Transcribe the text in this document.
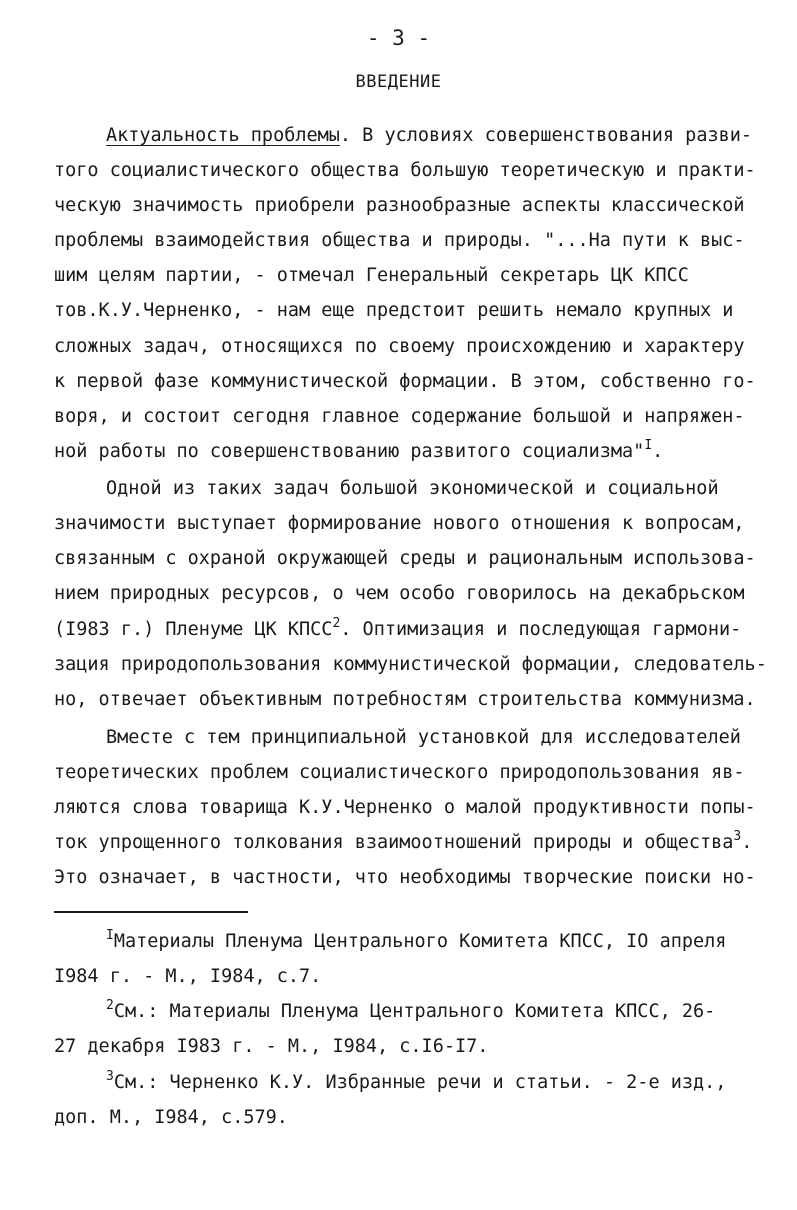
- 3 -
ВВЕДЕНИЕ
Актуальность проблемы. В условиях совершенствования разви-
того социалистического общества большую теоретическую и практи-
ческую значимость приобрели разнообразные аспекты классической
проблемы взаимодействия общества и природы. "...На пути к выс-
шим целям партии, - отмечал Генеральный секретарь ЦК КПСС
тов.К.У.Черненко, - нам еще предстоит решить немало крупных и
сложных задач, относящихся по своему происхождению и характеру
к первой фазе коммунистической формации. В этом, собственно го-
воря, и состоит сегодня главное содержание большой и напряжен-
ной работы по совершенствованию развитого социализма"$^I$.
Одной из таких задач большой экономической и социальной
значимости выступает формирование нового отношения к вопросам,
связанным с охраной окружающей среды и рациональным использова-
нием природных ресурсов, о чем особо говорилось на декабрьском
(I983 г.) Пленуме ЦК КПСС$^2$. Оптимизация и последующая гармони-
зация природопользования коммунистической формации, следователь-
но, отвечает объективным потребностям строительства коммунизма.
Вместе с тем принципиальной установкой для исследователей
теоретических проблем социалистического природопользования яв-
ляются слова товарища К.У.Черненко о малой продуктивности попы-
ток упрощенного толкования взаимоотношений природы и общества$^3$.
Это означает, в частности, что необходимы творческие поиски но-
$^I$Материалы Пленума Центрального Комитета КПСС, IО апреля
I984 г. - М., I984, с.7.
$^2$См.: Материалы Пленума Центрального Комитета КПСС, 26-
27 декабря I983 г. - М., I984, с.I6-I7.
$^3$См.: Черненко К.У. Избранные речи и статьи. - 2-е изд.,
доп. М., I984, с.579.
